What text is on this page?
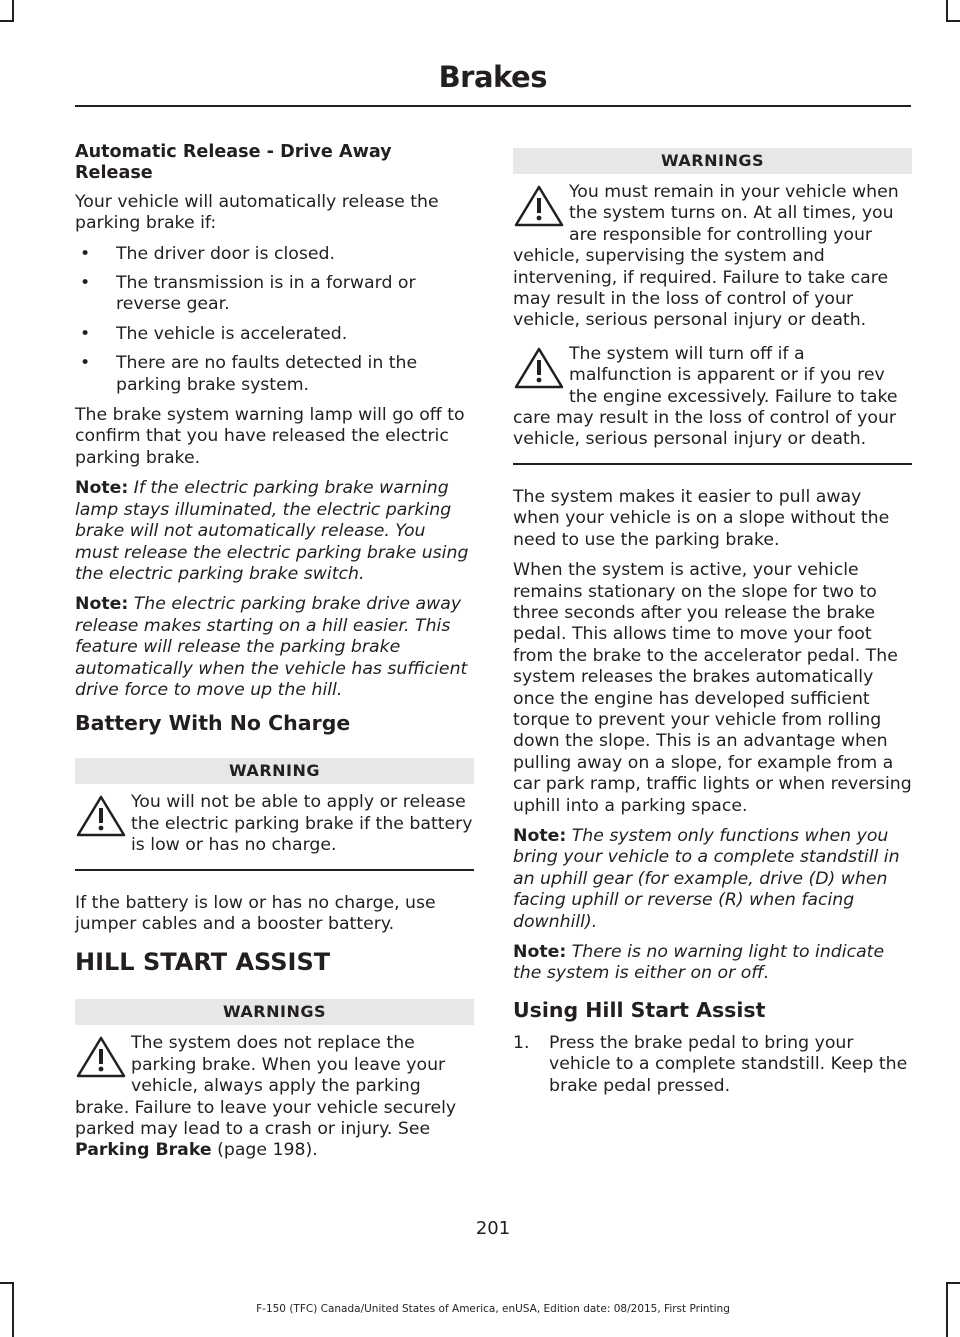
Brakes
Automatic Release - Drive Away Release

Your vehicle will automatically release the parking brake if:

• The driver door is closed.
• The transmission is in a forward or reverse gear.
• The vehicle is accelerated.
• There are no faults detected in the parking brake system.

The brake system warning lamp will go off to confirm that you have released the electric parking brake.

Note: If the electric parking brake warning lamp stays illuminated, the electric parking brake will not automatically release. You must release the electric parking brake using the electric parking brake switch.

Note: The electric parking brake drive away release makes starting on a hill easier. This feature will release the parking brake automatically when the vehicle has sufficient drive force to move up the hill.

Battery With No Charge
WARNING
You will not be able to apply or release the electric parking brake if the battery is low or has no charge.

If the battery is low or has no charge, use jumper cables and a booster battery.

HILL START ASSIST
WARNINGS
The system does not replace the parking brake. When you leave your vehicle, always apply the parking brake. Failure to leave your vehicle securely parked may lead to a crash or injury. See Parking Brake (page 198).
WARNINGS
You must remain in your vehicle when the system turns on. At all times, you are responsible for controlling your vehicle, supervising the system and intervening, if required. Failure to take care may result in the loss of control of your vehicle, serious personal injury or death.
The system will turn off if a malfunction is apparent or if you rev the engine excessively. Failure to take care may result in the loss of control of your vehicle, serious personal injury or death.

The system makes it easier to pull away when your vehicle is on a slope without the need to use the parking brake.

When the system is active, your vehicle remains stationary on the slope for two to three seconds after you release the brake pedal. This allows time to move your foot from the brake to the accelerator pedal. The system releases the brakes automatically once the engine has developed sufficient torque to prevent your vehicle from rolling down the slope. This is an advantage when pulling away on a slope, for example from a car park ramp, traffic lights or when reversing uphill into a parking space.

Note: The system only functions when you bring your vehicle to a complete standstill in an uphill gear (for example, drive (D) when facing uphill or reverse (R) when facing downhill).

Note: There is no warning light to indicate the system is either on or off.

Using Hill Start Assist
1. Press the brake pedal to bring your vehicle to a complete standstill. Keep the brake pedal pressed.
201
F-150 (TFC) Canada/United States of America, enUSA, Edition date: 08/2015, First Printing
